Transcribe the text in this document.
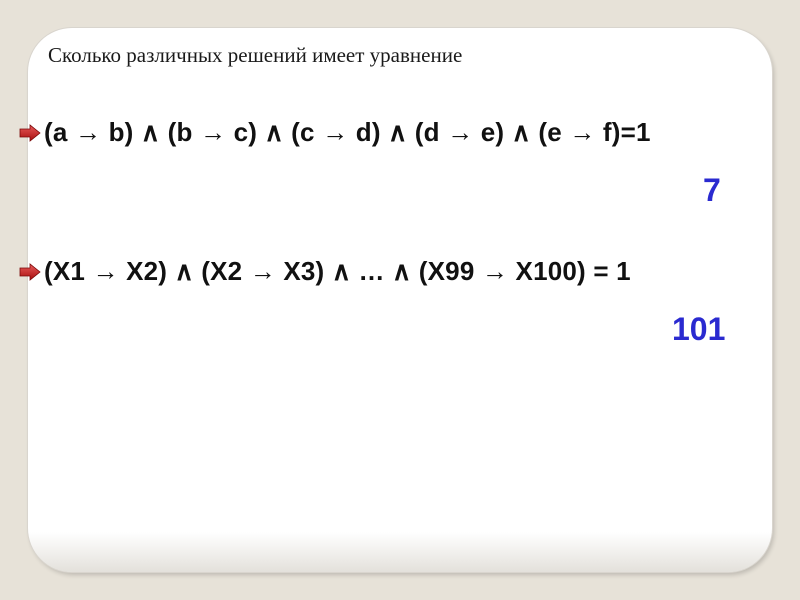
Сколько различных решений имеет уравнение
(a → b) ∧ (b → c) ∧ (c → d) ∧ (d → e) ∧ (e → f)=1
7
(X1 → X2) ∧ (X2 → X3) ∧ … ∧ (X99 → X100) = 1
101
